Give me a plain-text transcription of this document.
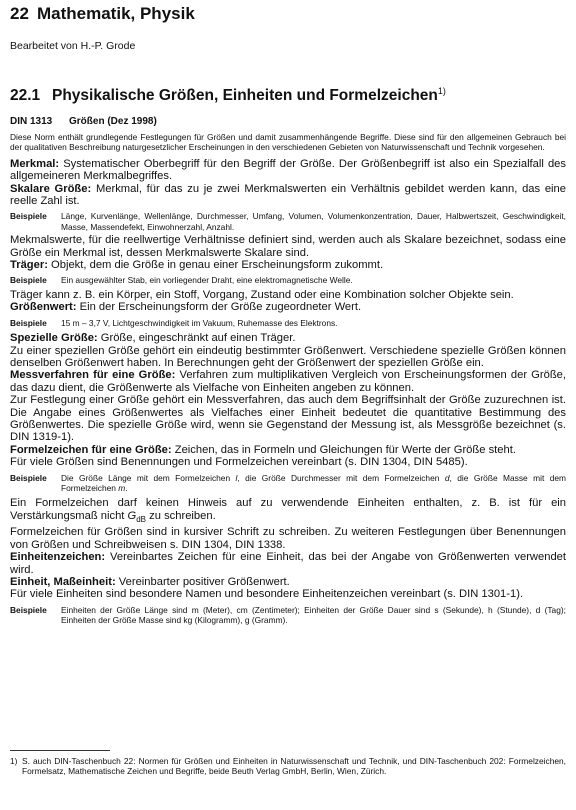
22 Mathematik, Physik
Bearbeitet von H.-P. Grode
22.1 Physikalische Größen, Einheiten und Formelzeichen$^{1)}$
DIN 1313 Größen (Dez 1998)

Diese Norm enthält grundlegende Festlegungen für Größen und damit zusammenhängende Begriffe. Diese sind für den allgemeinen Gebrauch bei der qualitativen Beschreibung naturgesetzlicher Erscheinungen in den verschiedenen Gebieten von Naturwissenschaft und Technik vorgesehen.

Merkmal: Systematischer Oberbegriff für den Begriff der Größe. Der Größenbegriff ist also ein Spezialfall des allgemeineren Merkmalbegriffes.

Skalare Größe: Merkmal, für das zu je zwei Merkmalswerten ein Verhältnis gebildet werden kann, das eine reelle Zahl ist.

Beispiele	Länge, Kurvenlänge, Wellenlänge, Durchmesser, Umfang, Volumen, Volumenkonzentration, Dauer, Halbwertszeit, Geschwindigkeit, Masse, Massendefekt, Einwohnerzahl, Anzahl.

Mekmalswerte, für die reellwertige Verhältnisse definiert sind, werden auch als Skalare bezeichnet, sodass eine Größe ein Merkmal ist, dessen Merkmalswerte Skalare sind.

Träger: Objekt, dem die Größe in genau einer Erscheinungsform zukommt.

Beispiele	Ein ausgewählter Stab, ein vorliegender Draht, eine elektromagnetische Welle.

Träger kann z. B. ein Körper, ein Stoff, Vorgang, Zustand oder eine Kombination solcher Objekte sein.

Größenwert: Ein der Erscheinungsform der Größe zugeordneter Wert.

Beispiele	15 m – 3,7 V, Lichtgeschwindigkeit im Vakuum, Ruhemasse des Elektrons.

Spezielle Größe: Größe, eingeschränkt auf einen Träger.

Zu einer speziellen Größe gehört ein eindeutig bestimmter Größenwert. Verschiedene spezielle Größen können denselben Größenwert haben. In Berechnungen geht der Größenwert der speziellen Größe ein.

Messverfahren für eine Größe: Verfahren zum multiplikativen Vergleich von Erscheinungsformen der Größe, das dazu dient, die Größenwerte als Vielfache von Einheiten angeben zu können.

Zur Festlegung einer Größe gehört ein Messverfahren, das auch dem Begriffsinhalt der Größe zuzurechnen ist. Die Angabe eines Größenwertes als Vielfaches einer Einheit bedeutet die quantitative Bestimmung des Größenwertes. Die spezielle Größe wird, wenn sie Gegenstand der Messung ist, als Messgröße bezeichnet (s. DIN 1319-1).

Formelzeichen für eine Größe: Zeichen, das in Formeln und Gleichungen für Werte der Größe steht.

Für viele Größen sind Benennungen und Formelzeichen vereinbart (s. DIN 1304, DIN 5485).

Beispiele	Die Größe Länge mit dem Formelzeichen l, die Größe Durchmesser mit dem Formelzeichen d, die Größe Masse mit dem Formelzeichen m.

Ein Formelzeichen darf keinen Hinweis auf zu verwendende Einheiten enthalten, z. B. ist für ein Verstärkungsmaß nicht $G_{dB}$ zu schreiben.

Formelzeichen für Größen sind in kursiver Schrift zu schreiben. Zu weiteren Festlegungen über Benennungen von Größen und Schreibweisen s. DIN 1304, DIN 1338.

Einheitenzeichen: Vereinbartes Zeichen für eine Einheit, das bei der Angabe von Größenwerten verwendet wird.

Einheit, Maßeinheit: Vereinbarter positiver Größenwert.

Für viele Einheiten sind besondere Namen und besondere Einheitenzeichen vereinbart (s. DIN 1301-1).

Beispiele	Einheiten der Größe Länge sind m (Meter), cm (Zentimeter); Einheiten der Größe Dauer sind s (Sekunde), h (Stunde), d (Tag); Einheiten der Größe Masse sind kg (Kilogramm), g (Gramm).
1) S. auch DIN-Taschenbuch 22: Normen für Größen und Einheiten in Naturwissenschaft und Technik, und DIN-Taschenbuch 202: Formelzeichen, Formelsatz, Mathematische Zeichen und Begriffe, beide Beuth Verlag GmbH, Berlin, Wien, Zürich.
